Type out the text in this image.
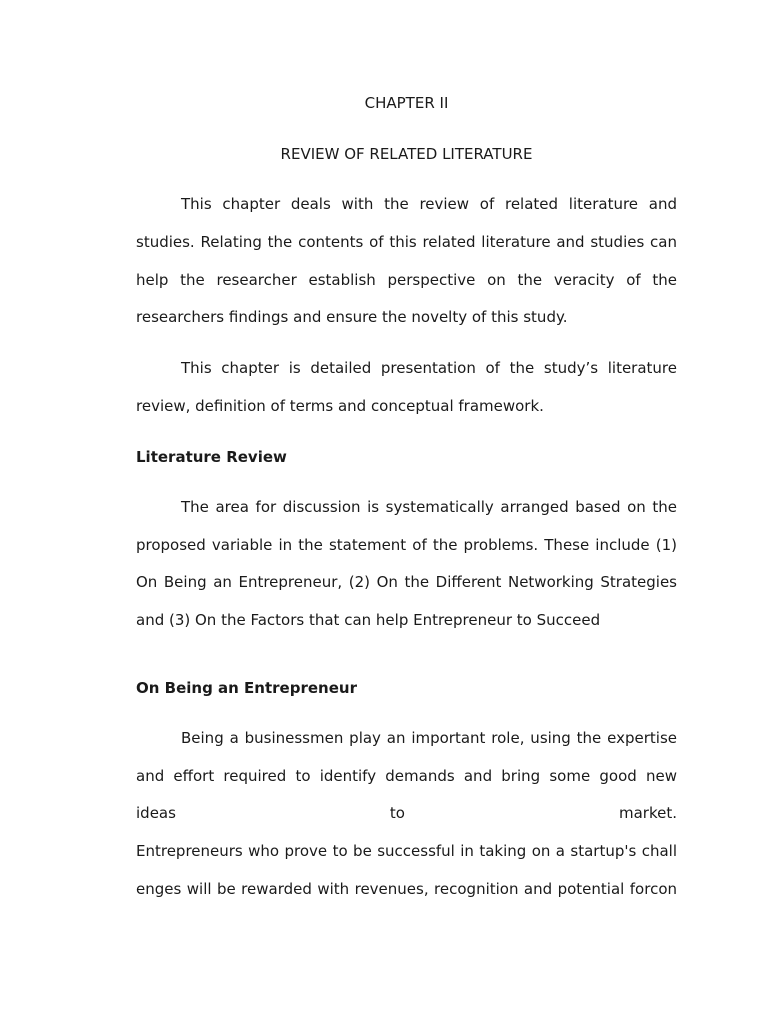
CHAPTER II
REVIEW OF RELATED LITERATURE
This chapter deals with the review of related literature and
studies. Relating the contents of this related literature and studies can
help the researcher establish perspective on the veracity of the
researchers findings and ensure the novelty of this study.
This chapter is detailed presentation of the study’s literature
review, definition of terms and conceptual framework.
Literature Review
The area for discussion is systematically arranged based on the
proposed variable in the statement of the problems. These include (1)
On Being an Entrepreneur, (2) On the Different Networking Strategies
and (3) On the Factors that can help Entrepreneur to Succeed
On Being an Entrepreneur
Being a businessmen play an important role, using the expertise
and effort required to identify demands and bring some good new
ideas	to	market.
Entrepreneurs who prove to be successful in taking on a startup's chall
enges will be rewarded with revenues, recognition and potential forcon
